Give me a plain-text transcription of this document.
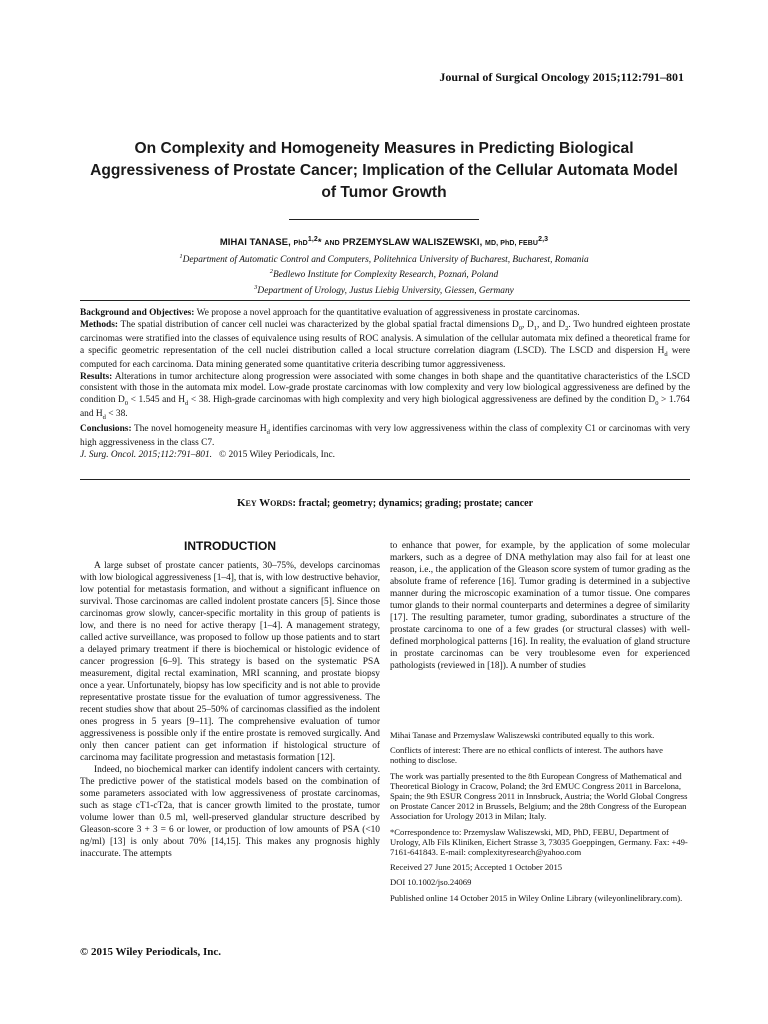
Journal of Surgical Oncology 2015;112:791–801
On Complexity and Homogeneity Measures in Predicting Biological Aggressiveness of Prostate Cancer; Implication of the Cellular Automata Model of Tumor Growth
MIHAI TANASE, PhD$^{1,2}$* AND PRZEMYSLAW WALISZEWSKI, MD, PhD, FEBU$^{2,3}$
$^1$Department of Automatic Control and Computers, Politehnica University of Bucharest, Bucharest, Romania
$^2$Bedlewo Institute for Complexity Research, Poznań, Poland
$^3$Department of Urology, Justus Liebig University, Giessen, Germany

Background and Objectives: We propose a novel approach for the quantitative evaluation of aggressiveness in prostate carcinomas.

Methods: The spatial distribution of cancer cell nuclei was characterized by the global spatial fractal dimensions $D_0$, $D_1$, and $D_2$. Two hundred eighteen prostate carcinomas were stratified into the classes of equivalence using results of ROC analysis. A simulation of the cellular automata mix defined a theoretical frame for a specific geometric representation of the cell nuclei distribution called a local structure correlation diagram (LSCD). The LSCD and dispersion $H_d$ were computed for each carcinoma. Data mining generated some quantitative criteria describing tumor aggressiveness.

Results: Alterations in tumor architecture along progression were associated with some changes in both shape and the quantitative characteristics of the LSCD consistent with those in the automata mix model. Low-grade prostate carcinomas with low complexity and very low biological aggressiveness are defined by the condition $D_0 < 1.545$ and $H_d < 38$. High-grade carcinomas with high complexity and very high biological aggressiveness are defined by the condition $D_0 > 1.764$ and $H_d < 38$.

Conclusions: The novel homogeneity measure $H_d$ identifies carcinomas with very low aggressiveness within the class of complexity C1 or carcinomas with very high aggressiveness in the class C7.

J. Surg. Oncol. 2015;112:791–801. © 2015 Wiley Periodicals, Inc.

Key Words: fractal; geometry; dynamics; grading; prostate; cancer
INTRODUCTION

A large subset of prostate cancer patients, 30–75%, develops carcinomas with low biological aggressiveness [1–4], that is, with low destructive behavior, low potential for metastasis formation, and without a significant influence on survival. Those carcinomas are called indolent prostate cancers [5]. Since those carcinomas grow slowly, cancer-specific mortality in this group of patients is low, and there is no need for active therapy [1–4]. A management strategy, called active surveillance, was proposed to follow up those patients and to start a delayed primary treatment if there is biochemical or histologic evidence of cancer progression [6–9]. This strategy is based on the systematic PSA measurement, digital rectal examination, MRI scanning, and prostate biopsy once a year. Unfortunately, biopsy has low specificity and is not able to provide representative prostate tissue for the evaluation of tumor aggressiveness. The recent studies show that about 25–50% of carcinomas classified as the indolent ones progress in 5 years [9–11]. The comprehensive evaluation of tumor aggressiveness is possible only if the entire prostate is removed surgically. And only then cancer patient can get information if histological structure of carcinoma may facilitate progression and metastasis formation [12].

Indeed, no biochemical marker can identify indolent cancers with certainty. The predictive power of the statistical models based on the combination of some parameters associated with low aggressiveness of prostate carcinomas, such as stage cT1-cT2a, that is cancer growth limited to the prostate, tumor volume lower than 0.5 ml, well-preserved glandular structure described by Gleason-score 3 + 3 = 6 or lower, or production of low amounts of PSA (<10 ng/ml) [13] is only about 70% [14,15]. This makes any prognosis highly inaccurate. The attempts

to enhance that power, for example, by the application of some molecular markers, such as a degree of DNA methylation may also fail for at least one reason, i.e., the application of the Gleason score system of tumor grading as the absolute frame of reference [16]. Tumor grading is determined in a subjective manner during the microscopic examination of a tumor tissue. One compares tumor glands to their normal counterparts and determines a degree of similarity [17]. The resulting parameter, tumor grading, subordinates a structure of the prostate carcinoma to one of a few grades (or structural classes) with well-defined morphological patterns [16]. In reality, the evaluation of gland structure in prostate carcinomas can be very troublesome even for experienced pathologists (reviewed in [18]). A number of studies

Mihai Tanase and Przemyslaw Waliszewski contributed equally to this work.

Conflicts of interest: There are no ethical conflicts of interest. The authors have nothing to disclose.

The work was partially presented to the 8th European Congress of Mathematical and Theoretical Biology in Cracow, Poland; the 3rd EMUC Congress 2011 in Barcelona, Spain; the 9th ESUR Congress 2011 in Innsbruck, Austria; the World Global Congress on Prostate Cancer 2012 in Brussels, Belgium; and the 28th Congress of the European Association for Urology 2013 in Milan; Italy.

*Correspondence to: Przemyslaw Waliszewski, MD, PhD, FEBU, Department of Urology, Alb Fils Kliniken, Eichert Strasse 3, 73035 Goeppingen, Germany. Fax: +49-7161-641843. E-mail: complexityresearch@yahoo.com

Received 27 June 2015; Accepted 1 October 2015

DOI 10.1002/jso.24069

Published online 14 October 2015 in Wiley Online Library (wileyonlinelibrary.com).

© 2015 Wiley Periodicals, Inc.
